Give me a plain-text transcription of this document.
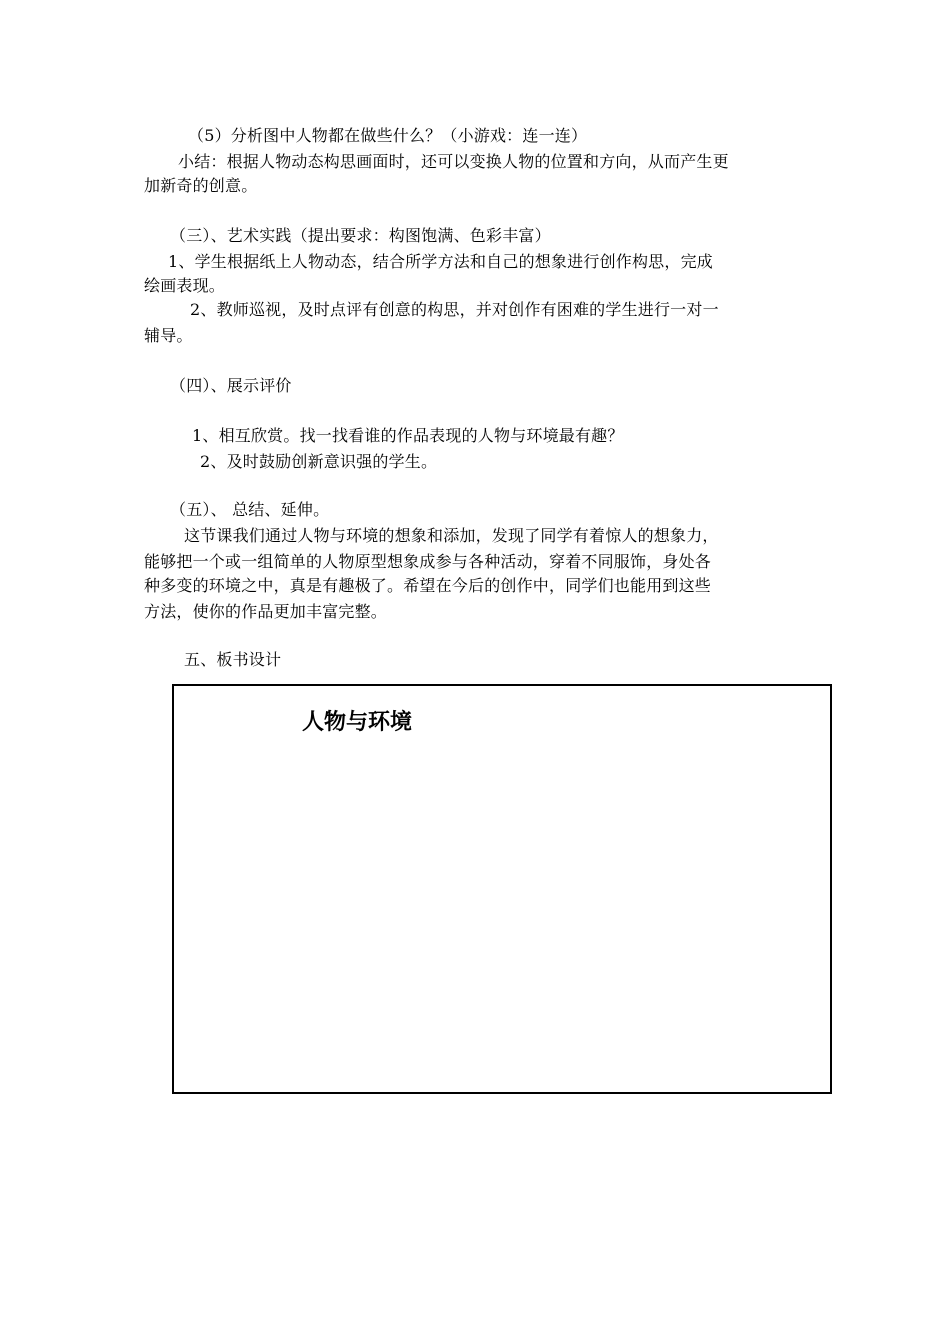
（5）分析图中人物都在做些什么？（小游戏：连一连）
小结：根据人物动态构思画面时，还可以变换人物的位置和方向，从而产生更
加新奇的创意。
（三）、艺术实践（提出要求：构图饱满、色彩丰富）
1、学生根据纸上人物动态，结合所学方法和自己的想象进行创作构思，完成
绘画表现。
2、教师巡视，及时点评有创意的构思，并对创作有困难的学生进行一对一
辅导。
（四）、展示评价
1、相互欣赏。找一找看谁的作品表现的人物与环境最有趣？
2、及时鼓励创新意识强的学生。
（五）、 总结、延伸。
这节课我们通过人物与环境的想象和添加，发现了同学有着惊人的想象力，
能够把一个或一组简单的人物原型想象成参与各种活动，穿着不同服饰，身处各
种多变的环境之中，真是有趣极了。希望在今后的创作中，同学们也能用到这些
方法，使你的作品更加丰富完整。
五、板书设计
人物与环境
